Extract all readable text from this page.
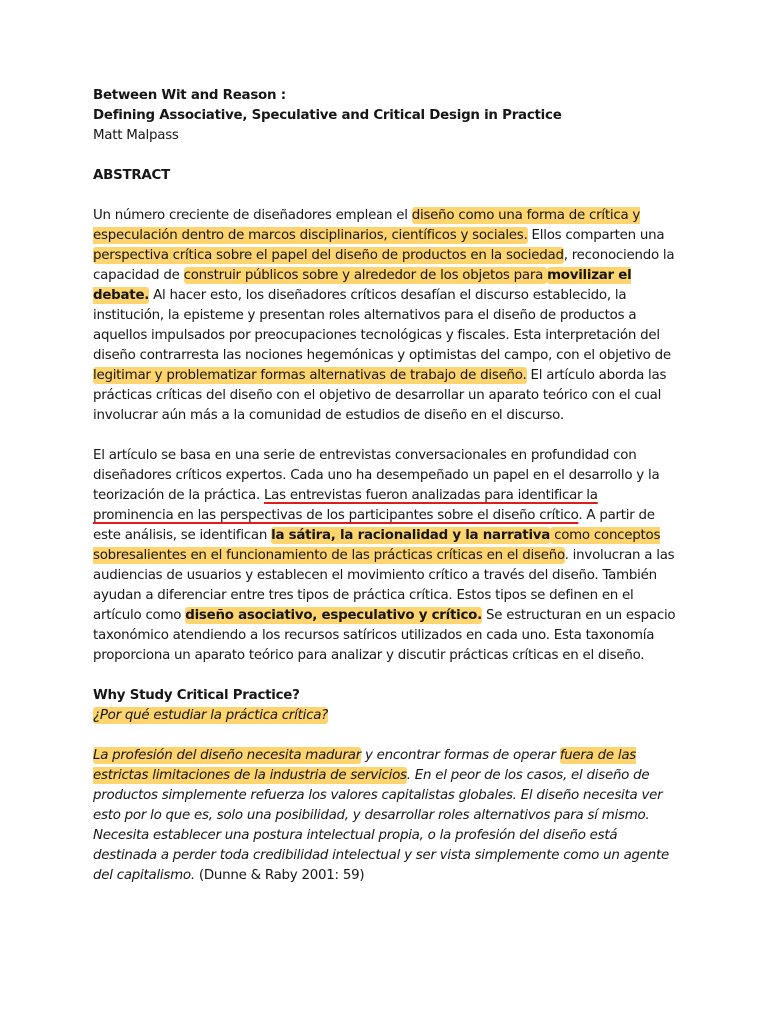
Between Wit and Reason :
Defining Associative, Speculative and Critical Design in Practice
Matt Malpass
ABSTRACT

Un número creciente de diseñadores emplean el diseño como una forma de crítica y especulación dentro de marcos disciplinarios, científicos y sociales. Ellos comparten una perspectiva crítica sobre el papel del diseño de productos en la sociedad, reconociendo la capacidad de construir públicos sobre y alrededor de los objetos para movilizar el debate. Al hacer esto, los diseñadores críticos desafían el discurso establecido, la institución, la episteme y presentan roles alternativos para el diseño de productos a aquellos impulsados por preocupaciones tecnológicas y fiscales. Esta interpretación del diseño contrarresta las nociones hegemónicas y optimistas del campo, con el objetivo de legitimar y problematizar formas alternativas de trabajo de diseño. El artículo aborda las prácticas críticas del diseño con el objetivo de desarrollar un aparato teórico con el cual involucrar aún más a la comunidad de estudios de diseño en el discurso.

El artículo se basa en una serie de entrevistas conversacionales en profundidad con diseñadores críticos expertos. Cada uno ha desempeñado un papel en el desarrollo y la teorización de la práctica. Las entrevistas fueron analizadas para identificar la prominencia en las perspectivas de los participantes sobre el diseño crítico. A partir de este análisis, se identifican la sátira, la racionalidad y la narrativa como conceptos sobresalientes en el funcionamiento de las prácticas críticas en el diseño. involucran a las audiencias de usuarios y establecen el movimiento crítico a través del diseño. También ayudan a diferenciar entre tres tipos de práctica crítica. Estos tipos se definen en el artículo como diseño asociativo, especulativo y crítico. Se estructuran en un espacio taxonómico atendiendo a los recursos satíricos utilizados en cada uno. Esta taxonomía proporciona un aparato teórico para analizar y discutir prácticas críticas en el diseño.

Why Study Critical Practice?
¿Por qué estudiar la práctica crítica?

La profesión del diseño necesita madurar y encontrar formas de operar fuera de las estrictas limitaciones de la industria de servicios. En el peor de los casos, el diseño de productos simplemente refuerza los valores capitalistas globales. El diseño necesita ver esto por lo que es, solo una posibilidad, y desarrollar roles alternativos para sí mismo. Necesita establecer una postura intelectual propia, o la profesión del diseño está destinada a perder toda credibilidad intelectual y ser vista simplemente como un agente del capitalismo. (Dunne & Raby 2001: 59)
